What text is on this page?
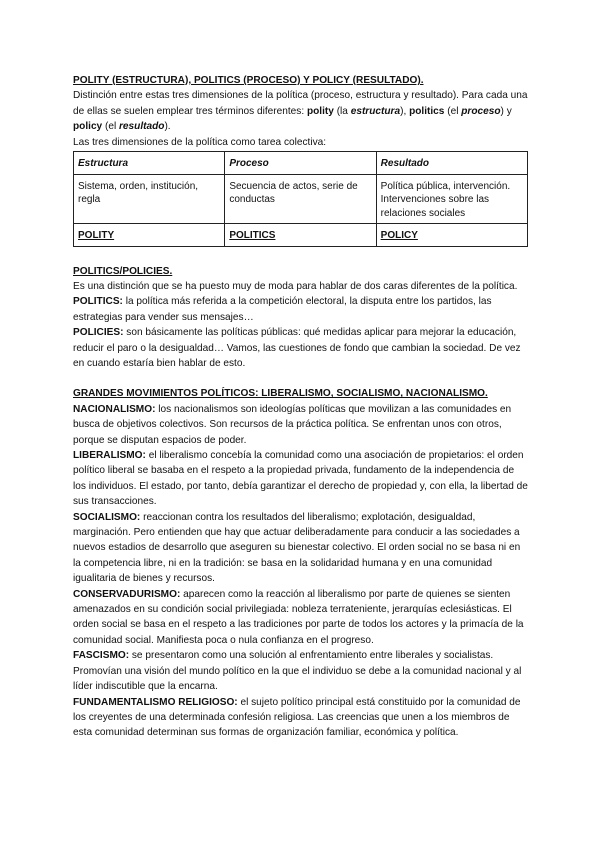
POLITY (ESTRUCTURA), POLITICS (PROCESO) Y POLICY (RESULTADO).

Distinción entre estas tres dimensiones de la política (proceso, estructura y resultado). Para cada una de ellas se suelen emplear tres términos diferentes: polity (la estructura), politics (el proceso) y policy (el resultado).

Las tres dimensiones de la política como tarea colectiva:

Estructura	Proceso	Resultado
Sistema, orden, institución, regla	Secuencia de actos, serie de conductas	Política pública, intervención. Intervenciones sobre las relaciones sociales
POLITY	POLITICS	POLICY

POLITICS/POLICIES.

Es una distinción que se ha puesto muy de moda para hablar de dos caras diferentes de la política.

POLITICS: la política más referida a la competición electoral, la disputa entre los partidos, las estrategias para vender sus mensajes…

POLICIES: son básicamente las políticas públicas: qué medidas aplicar para mejorar la educación, reducir el paro o la desigualdad… Vamos, las cuestiones de fondo que cambian la sociedad. De vez en cuando estaría bien hablar de esto.

GRANDES MOVIMIENTOS POLÍTICOS: LIBERALISMO, SOCIALISMO, NACIONALISMO.

NACIONALISMO: los nacionalismos son ideologías políticas que movilizan a las comunidades en busca de objetivos colectivos. Son recursos de la práctica política. Se enfrentan unos con otros, porque se disputan espacios de poder.

LIBERALISMO: el liberalismo concebía la comunidad como una asociación de propietarios: el orden político liberal se basaba en el respeto a la propiedad privada, fundamento de la independencia de los individuos. El estado, por tanto, debía garantizar el derecho de propiedad y, con ella, la libertad de sus transacciones.

SOCIALISMO: reaccionan contra los resultados del liberalismo; explotación, desigualdad, marginación. Pero entienden que hay que actuar deliberadamente para conducir a las sociedades a nuevos estadios de desarrollo que aseguren su bienestar colectivo. El orden social no se basa ni en la competencia libre, ni en la tradición: se basa en la solidaridad humana y en una comunidad igualitaria de bienes y recursos.

CONSERVADURISMO: aparecen como la reacción al liberalismo por parte de quienes se sienten amenazados en su condición social privilegiada: nobleza terrateniente, jerarquías eclesiásticas. El orden social se basa en el respeto a las tradiciones por parte de todos los actores y la primacía de la comunidad social. Manifiesta poca o nula confianza en el progreso.

FASCISMO: se presentaron como una solución al enfrentamiento entre liberales y socialistas. Promovían una visión del mundo político en la que el individuo se debe a la comunidad nacional y al líder indiscutible que la encarna.

FUNDAMENTALISMO RELIGIOSO: el sujeto político principal está constituido por la comunidad de los creyentes de una determinada confesión religiosa. Las creencias que unen a los miembros de esta comunidad determinan sus formas de organización familiar, económica y política.
